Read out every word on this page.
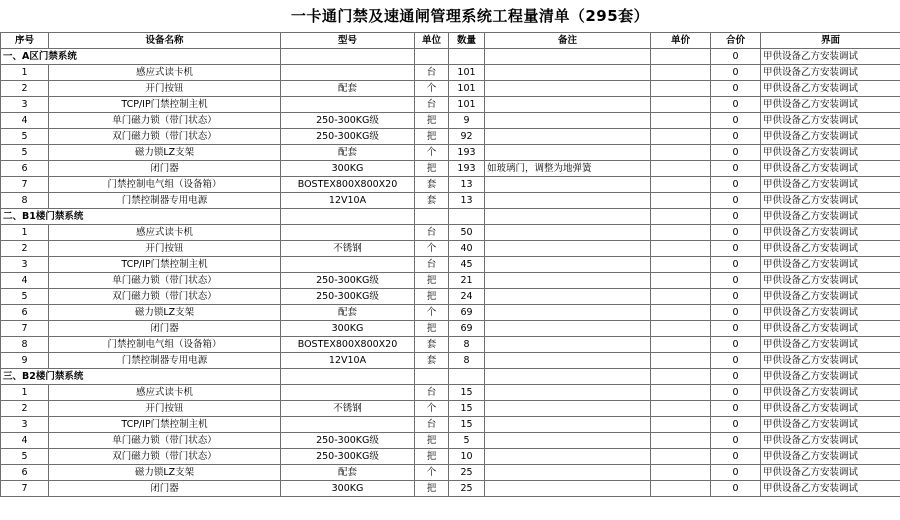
一卡通门禁及速通闸管理系统工程量清单（295套）
序号	设备名称	型号	单位	数量	备注	单价	合价	界面
一、A区门禁系统							0	甲供设备乙方安装调试
1	感应式读卡机		台	101			0	甲供设备乙方安装调试
2	开门按钮	配套	个	101			0	甲供设备乙方安装调试
3	TCP/IP门禁控制主机		台	101			0	甲供设备乙方安装调试
4	单门磁力锁（带门状态）	250-300KG级	把	9			0	甲供设备乙方安装调试
5	双门磁力锁（带门状态）	250-300KG级	把	92			0	甲供设备乙方安装调试
5	磁力锁LZ支架	配套	个	193			0	甲供设备乙方安装调试
6	闭门器	300KG	把	193	如玻璃门，调整为地弹簧		0	甲供设备乙方安装调试
7	门禁控制电气组（设备箱）	BOSTEX800X800X20	套	13			0	甲供设备乙方安装调试
8	门禁控制器专用电源	12V10A	套	13			0	甲供设备乙方安装调试
二、B1楼门禁系统							0	甲供设备乙方安装调试
1	感应式读卡机		台	50			0	甲供设备乙方安装调试
2	开门按钮	不锈钢	个	40			0	甲供设备乙方安装调试
3	TCP/IP门禁控制主机		台	45			0	甲供设备乙方安装调试
4	单门磁力锁（带门状态）	250-300KG级	把	21			0	甲供设备乙方安装调试
5	双门磁力锁（带门状态）	250-300KG级	把	24			0	甲供设备乙方安装调试
6	磁力锁LZ支架	配套	个	69			0	甲供设备乙方安装调试
7	闭门器	300KG	把	69			0	甲供设备乙方安装调试
8	门禁控制电气组（设备箱）	BOSTEX800X800X20	套	8			0	甲供设备乙方安装调试
9	门禁控制器专用电源	12V10A	套	8			0	甲供设备乙方安装调试
三、B2楼门禁系统							0	甲供设备乙方安装调试
1	感应式读卡机		台	15			0	甲供设备乙方安装调试
2	开门按钮	不锈钢	个	15			0	甲供设备乙方安装调试
3	TCP/IP门禁控制主机		台	15			0	甲供设备乙方安装调试
4	单门磁力锁（带门状态）	250-300KG级	把	5			0	甲供设备乙方安装调试
5	双门磁力锁（带门状态）	250-300KG级	把	10			0	甲供设备乙方安装调试
6	磁力锁LZ支架	配套	个	25			0	甲供设备乙方安装调试
7	闭门器	300KG	把	25			0	甲供设备乙方安装调试
